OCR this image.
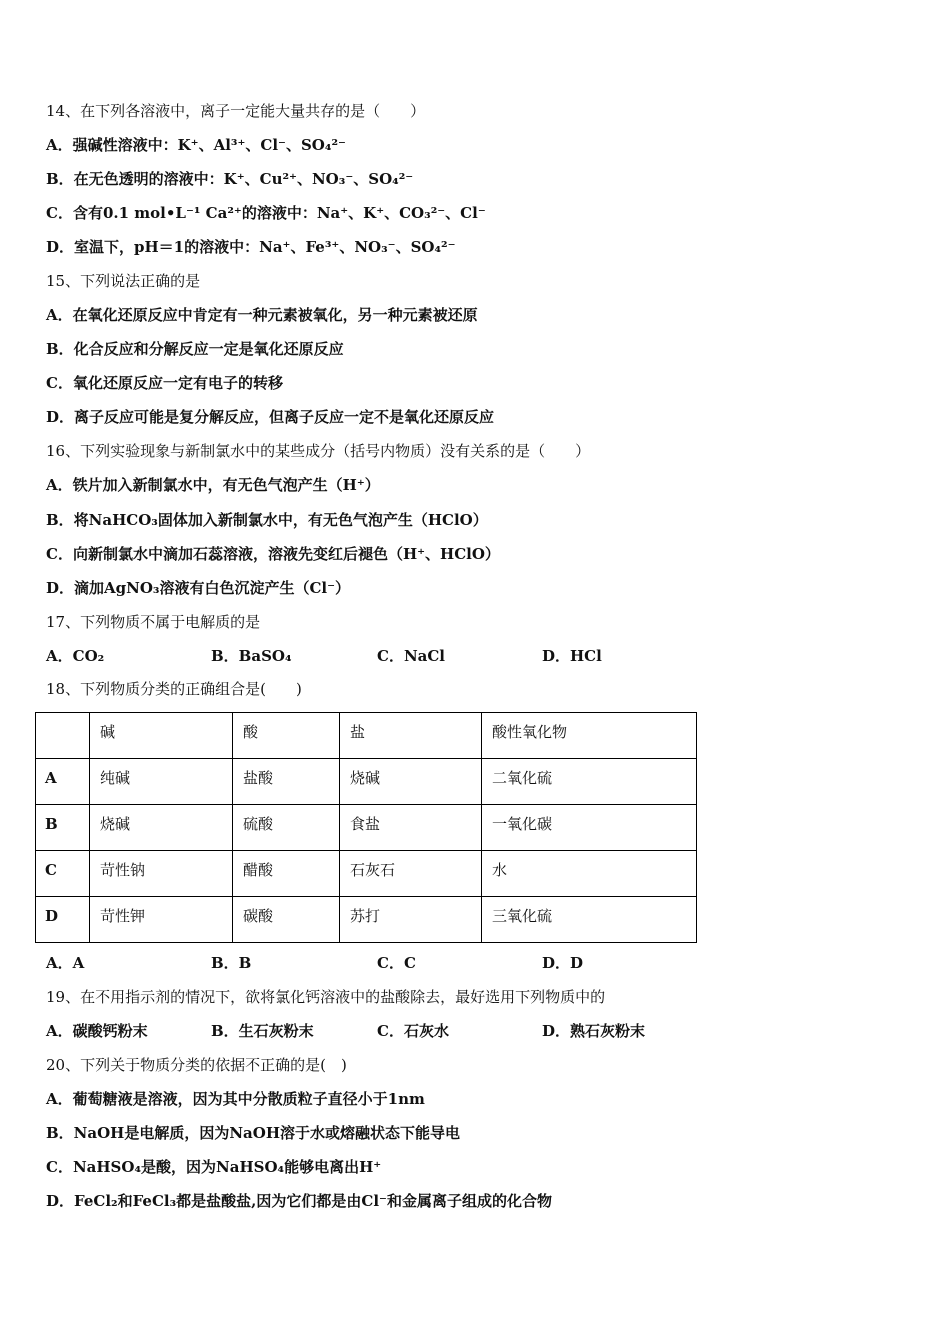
14、在下列各溶液中，离子一定能大量共存的是（　　）
A．强碱性溶液中：K⁺、Al³⁺、Cl⁻、SO₄²⁻
B．在无色透明的溶液中：K⁺、Cu²⁺、NO₃⁻、SO₄²⁻
C．含有0.1 mol•L⁻¹ Ca²⁺的溶液中：Na⁺、K⁺、CO₃²⁻、Cl⁻
D．室温下，pH＝1的溶液中：Na⁺、Fe³⁺、NO₃⁻、SO₄²⁻
15、下列说法正确的是
A．在氧化还原反应中肯定有一种元素被氧化，另一种元素被还原
B．化合反应和分解反应一定是氧化还原反应
C．氧化还原反应一定有电子的转移
D．离子反应可能是复分解反应，但离子反应一定不是氧化还原反应
16、下列实验现象与新制氯水中的某些成分（括号内物质）没有关系的是（　　）
A．铁片加入新制氯水中，有无色气泡产生（H⁺）
B．将NaHCO₃固体加入新制氯水中，有无色气泡产生（HClO）
C．向新制氯水中滴加石蕊溶液，溶液先变红后褪色（H⁺、HClO）
D．滴加AgNO₃溶液有白色沉淀产生（Cl⁻）
17、下列物质不属于电解质的是
A．CO₂	B．BaSO₄	C．NaCl	D．HCl
18、下列物质分类的正确组合是(　　)
	碱	酸	盐	酸性氧化物
A	纯碱	盐酸	烧碱	二氧化硫
B	烧碱	硫酸	食盐	一氧化碳
C	苛性钠	醋酸	石灰石	水
D	苛性钾	碳酸	苏打	三氧化硫
A．A	B．B	C．C	D．D
19、在不用指示剂的情况下，欲将氯化钙溶液中的盐酸除去，最好选用下列物质中的
A．碳酸钙粉末	B．生石灰粉末	C．石灰水	D．熟石灰粉末
20、下列关于物质分类的依据不正确的是(　)
A．葡萄糖液是溶液，因为其中分散质粒子直径小于1nm
B．NaOH是电解质，因为NaOH溶于水或熔融状态下能导电
C．NaHSO₄是酸，因为NaHSO₄能够电离出H⁺
D．FeCl₂和FeCl₃都是盐酸盐,因为它们都是由Cl⁻和金属离子组成的化合物
